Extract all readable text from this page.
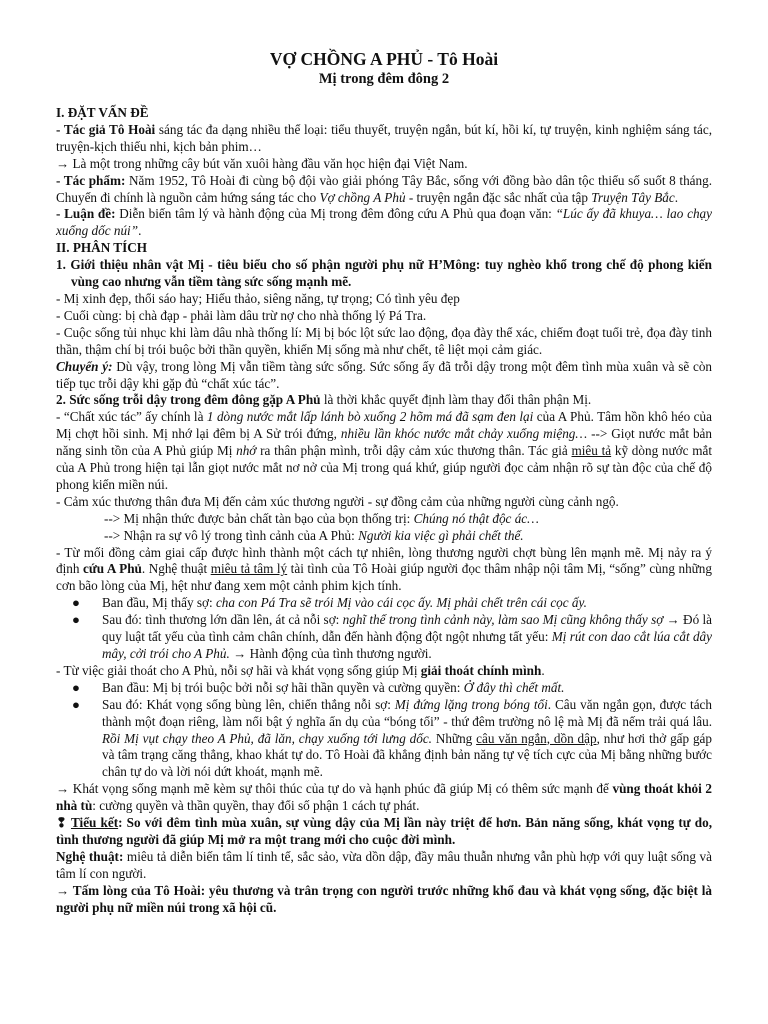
VỢ CHỒNG A PHỦ - Tô Hoài
Mị trong đêm đông 2

I. ĐẶT VẤN ĐỀ

- Tác giả Tô Hoài sáng tác đa dạng nhiều thể loại: tiểu thuyết, truyện ngắn, bút kí, hồi kí, tự truyện, kinh nghiệm sáng tác, truyện-kịch thiếu nhi, kịch bản phim…

→ Là một trong những cây bút văn xuôi hàng đầu văn học hiện đại Việt Nam.

- Tác phẩm: Năm 1952, Tô Hoài đi cùng bộ đội vào giải phóng Tây Bắc, sống với đồng bào dân tộc thiểu số suốt 8 tháng. Chuyến đi chính là nguồn cảm hứng sáng tác cho Vợ chồng A Phủ - truyện ngắn đặc sắc nhất của tập Truyện Tây Bắc.

- Luận đề: Diễn biến tâm lý và hành động của Mị trong đêm đông cứu A Phủ qua đoạn văn: “Lúc ấy đã khuya… lao chạy xuống dốc núi”.

II. PHÂN TÍCH

1. Giới thiệu nhân vật Mị - tiêu biểu cho số phận người phụ nữ H’Mông: tuy nghèo khổ trong chế độ phong kiến vùng cao nhưng vẫn tiềm tàng sức sống mạnh mẽ.

- Mị xinh đẹp, thổi sáo hay; Hiếu thảo, siêng năng, tự trọng; Có tình yêu đẹp

- Cuối cùng: bị chà đạp - phải làm dâu trừ nợ cho nhà thống lý Pá Tra.

- Cuộc sống tủi nhục khi làm dâu nhà thống lí: Mị bị bóc lột sức lao động, đọa đày thể xác, chiếm đoạt tuổi trẻ, đọa đày tinh thần, thậm chí bị trói buộc bởi thần quyền, khiến Mị sống mà như chết, tê liệt mọi cảm giác.

Chuyển ý: Dù vậy, trong lòng Mị vẫn tiềm tàng sức sống. Sức sống ấy đã trỗi dậy trong một đêm tình mùa xuân và sẽ còn tiếp tục trỗi dậy khi gặp đủ “chất xúc tác”.

2. Sức sống trỗi dậy trong đêm đông gặp A Phủ là thời khắc quyết định làm thay đổi thân phận Mị.

- “Chất xúc tác” ấy chính là 1 dòng nước mắt lấp lánh bò xuống 2 hõm má đã sạm đen lại của A Phủ. Tâm hồn khô héo của Mị chợt hồi sinh. Mị nhớ lại đêm bị A Sử trói đứng, nhiều lần khóc nước mắt chảy xuống miệng… --> Giọt nước mắt bản năng sinh tồn của A Phủ giúp Mị nhớ ra thân phận mình, trỗi dậy cảm xúc thương thân. Tác giả miêu tả kỹ dòng nước mắt của A Phủ trong hiện tại lẫn giọt nước mắt nơ nở của Mị trong quá khứ, giúp người đọc cảm nhận rõ sự tàn độc của chế độ phong kiến miền núi.

- Cảm xúc thương thân đưa Mị đến cảm xúc thương người - sự đồng cảm của những người cùng cảnh ngộ.

--> Mị nhận thức được bản chất tàn bạo của bọn thống trị: Chúng nó thật độc ác…

--> Nhận ra sự vô lý trong tình cảnh của A Phủ: Người kia việc gì phải chết thế.

- Từ mối đồng cảm giai cấp được hình thành một cách tự nhiên, lòng thương người chợt bùng lên mạnh mẽ. Mị nảy ra ý định cứu A Phủ. Nghệ thuật miêu tả tâm lý tài tình của Tô Hoài giúp người đọc thâm nhập nội tâm Mị, “sống” cùng những cơn bão lòng của Mị, hệt như đang xem một cảnh phim kịch tính.

● Ban đầu, Mị thấy sợ: cha con Pá Tra sẽ trói Mị vào cái cọc ấy. Mị phải chết trên cái cọc ấy.
● Sau đó: tình thương lớn dần lên, át cả nỗi sợ: nghĩ thế trong tình cảnh này, làm sao Mị cũng không thấy sợ → Đó là quy luật tất yếu của tình cảm chân chính, dẫn đến hành động đột ngột nhưng tất yếu: Mị rút con dao cắt lúa cắt dây mây, cởi trói cho A Phủ. → Hành động của tình thương người.

- Từ việc giải thoát cho A Phủ, nỗi sợ hãi và khát vọng sống giúp Mị giải thoát chính mình.

● Ban đầu: Mị bị trói buộc bởi nỗi sợ hãi thần quyền và cường quyền: Ở đây thì chết mất.
● Sau đó: Khát vọng sống bùng lên, chiến thắng nỗi sợ: Mị đứng lặng trong bóng tối. Câu văn ngắn gọn, được tách thành một đoạn riêng, làm nổi bật ý nghĩa ẩn dụ của “bóng tối” - thứ đêm trường nô lệ mà Mị đã nếm trải quá lâu. Rồi Mị vụt chạy theo A Phủ, đã lăn, chạy xuống tới lưng dốc. Những câu văn ngắn, dồn dập, như hơi thở gấp gáp và tâm trạng căng thẳng, khao khát tự do. Tô Hoài đã khẳng định bản năng tự vệ tích cực của Mị bằng những bước chân tự do và lời nói dứt khoát, mạnh mẽ.

→ Khát vọng sống mạnh mẽ kèm sự thôi thúc của tự do và hạnh phúc đã giúp Mị có thêm sức mạnh để vùng thoát khỏi 2 nhà tù: cường quyền và thần quyền, thay đổi số phận 1 cách tự phát.

❢ Tiểu kết: So với đêm tình mùa xuân, sự vùng dậy của Mị lần này triệt để hơn. Bản năng sống, khát vọng tự do, tình thương người đã giúp Mị mở ra một trang mới cho cuộc đời mình.

Nghệ thuật: miêu tả diễn biến tâm lí tinh tế, sắc sảo, vừa dồn dập, đầy mâu thuẫn nhưng vẫn phù hợp với quy luật sống và tâm lí con người.

→ Tấm lòng của Tô Hoài: yêu thương và trân trọng con người trước những khổ đau và khát vọng sống, đặc biệt là người phụ nữ miền núi trong xã hội cũ.
